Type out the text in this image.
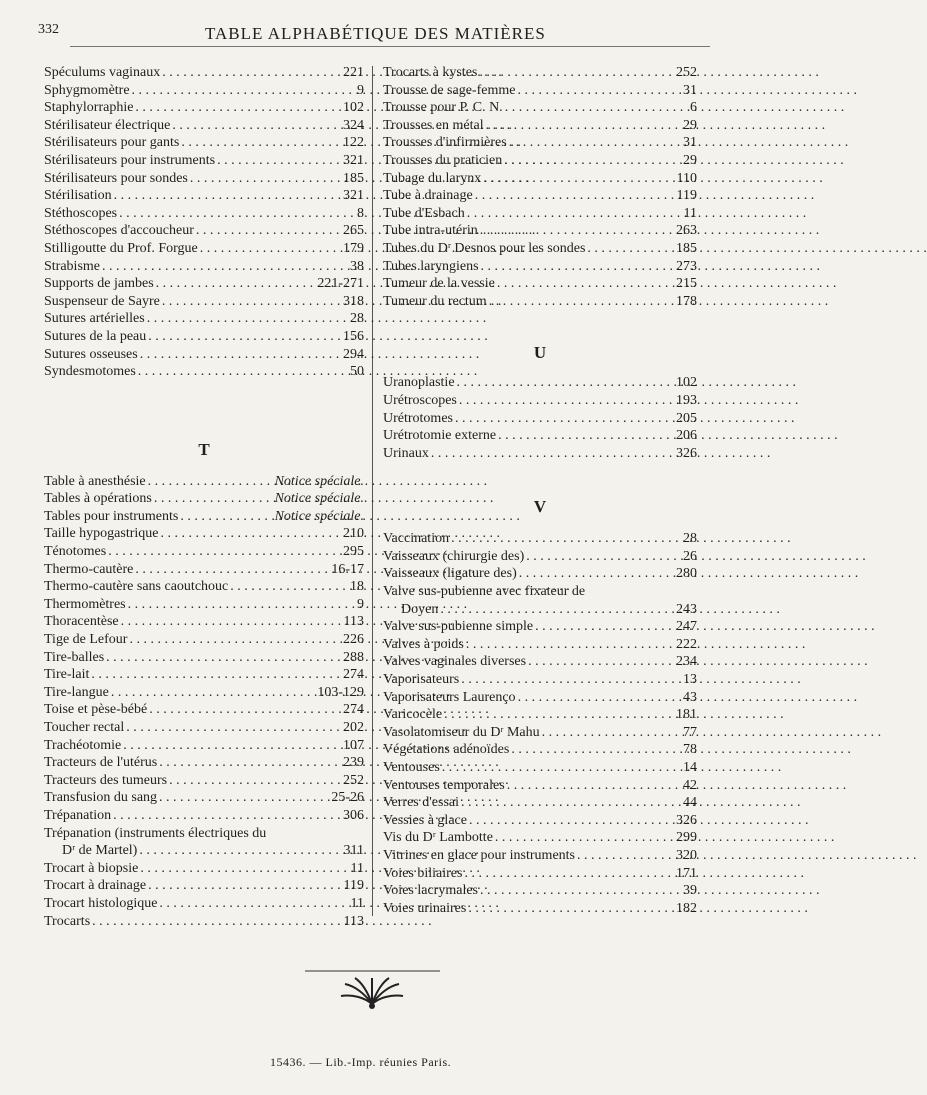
332	TABLE ALPHABÉTIQUE DES MATIÈRES
Spéculums vaginaux . . .	221
Sphygmomètre . . .	9
Staphylorraphie . . .	102
Stérilisateur électrique . . .	324
Stérilisateurs pour gants . . .	122
Stérilisateurs pour instruments . . .	321
Stérilisateurs pour sondes . . .	185
Stérilisation . . .	321
Stéthoscopes . . .	8
Stéthoscopes d'accoucheur . . .	265
Stilligoutte du Prof. Forgue . . .	179
Strabisme . . .	38
Supports de jambes . . .	221-271
Suspenseur de Sayre . . .	318
Sutures artérielles . . .	28
Sutures de la peau . . .	156
Sutures osseuses . . .	294
Syndesmotomes . . .	50
T
Table à anesthésie . . .	Notice spéciale.
Tables à opérations . . .	Notice spéciale.
Tables pour instruments . . .	Notice spéciale.
Taille hypogastrique . . .	210
Ténotomes . . .	295
Thermo-cautère . . .	16-17
Thermo-cautère sans caoutchouc . . .	18
Thermomètres . . .	9
Thoracentèse . . .	113
Tige de Lefour . . .	226
Tire-balles . . .	288
Tire-lait . . .	274
Tire-langue . . .	103-129
Toise et pèse-bébé . . .	274
Toucher rectal . . .	202
Trachéotomie . . .	107
Tracteurs de l'utérus . . .	239
Tracteurs des tumeurs . . .	252
Transfusion du sang . . .	25-26
Trépanation . . .	306
Trépanation (instruments électriques du
Dʳ de Martel) . . .	311
Trocart à biopsie . . .	11
Trocart à drainage . . .	119
Trocart histologique . . .	11
Trocarts . . .	113
Trocarts à kystes . . .	252
Trousse de sage-femme . . .	31
Trousse pour P. C. N. . . .	6
Trousses en métal . . .	29
Trousses d'infirmières . . .	31
Trousses du praticien . . .	29
Tubage du larynx . . .	110
Tube à drainage . . .	119
Tube d'Esbach . . .	11
Tube intra-utérin . . .	263
Tubes du Dʳ Desnos pour les sondes . . .	185
Tubes laryngiens . . .	273
Tumeur de la vessie . . .	215
Tumeur du rectum . . .	178
U
Uranoplastie . . .	102
Urétroscopes . . .	193
Urétrotomes . . .	205
Urétrotomie externe . . .	206
Urinaux . . .	326
V
Vaccination . . .	28
Vaisseaux (chirurgie des) . . .	26
Vaisseaux (ligature des) . . .	280
Valve sus-pubienne avec fixateur de
Doyen . . .	243
Valve sus-pubienne simple . . .	247
Valves à poids . . .	222
Valves vaginales diverses . . .	234
Vaporisateurs . . .	13
Vaporisateurs Laurenço . . .	43
Varicocèle . . .	181
Vasolatomiseur du Dʳ Mahu . . .	77
Végétations adénoïdes . . .	78
Ventouses . . .	14
Ventouses temporales . . .	42
Verres d'essai . . .	44
Vessies à glace . . .	326
Vis du Dʳ Lambotte . . .	299
Vitrines en glace pour instruments . . .	320
Voies biliaires . . .	171
Voies lacrymales . . .	39
Voies urinaires . . .	182
15436. — Lib.-Imp. réunies Paris.
